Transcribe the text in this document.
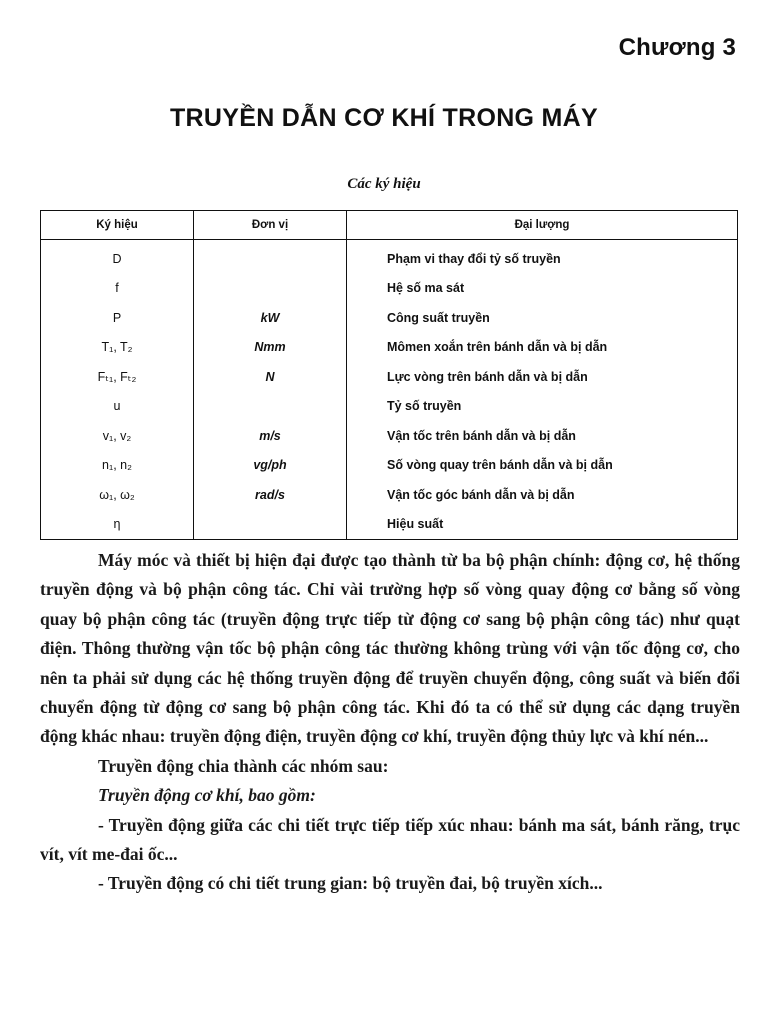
Chương 3
TRUYỀN DẪN CƠ KHÍ TRONG MÁY
Các ký hiệu
Ký hiệu	Đơn vị	Đại lượng
D		Phạm vi thay đổi tỷ số truyền
f		Hệ số ma sát
P	kW	Công suất truyền
T₁, T₂	Nmm	Mômen xoắn trên bánh dẫn và bị dẫn
Fₜ₁, Fₜ₂	N	Lực vòng trên bánh dẫn và bị dẫn
u		Tỷ số truyền
v₁, v₂	m/s	Vận tốc trên bánh dẫn và bị dẫn
n₁, n₂	vg/ph	Số vòng quay trên bánh dẫn và bị dẫn
ω₁, ω₂	rad/s	Vận tốc góc bánh dẫn và bị dẫn
η		Hiệu suất

Máy móc và thiết bị hiện đại được tạo thành từ ba bộ phận chính: động cơ, hệ thống truyền động và bộ phận công tác. Chỉ vài trường hợp số vòng quay động cơ bằng số vòng quay bộ phận công tác (truyền động trực tiếp từ động cơ sang bộ phận công tác) như quạt điện. Thông thường vận tốc bộ phận công tác thường không trùng với vận tốc động cơ, cho nên ta phải sử dụng các hệ thống truyền động để truyền chuyển động, công suất và biến đổi chuyển động từ động cơ sang bộ phận công tác. Khi đó ta có thể sử dụng các dạng truyền động khác nhau: truyền động điện, truyền động cơ khí, truyền động thủy lực và khí nén...

Truyền động chia thành các nhóm sau:

Truyền động cơ khí, bao gồm:

- Truyền động giữa các chi tiết trực tiếp tiếp xúc nhau: bánh ma sát, bánh răng, trục vít, vít me-đai ốc...

- Truyền động có chi tiết trung gian: bộ truyền đai, bộ truyền xích...
